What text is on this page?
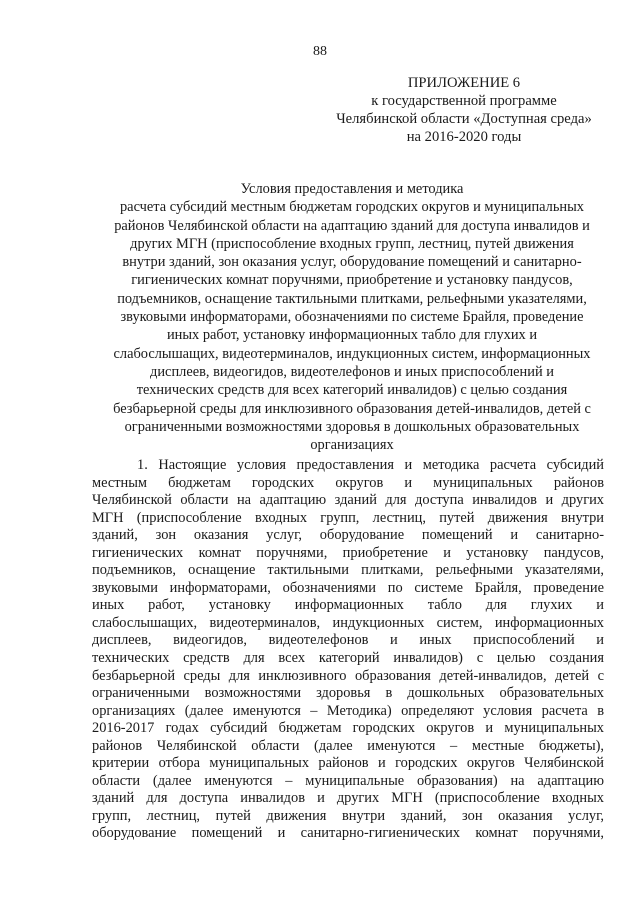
88
ПРИЛОЖЕНИЕ 6
к государственной программе
Челябинской области «Доступная среда»
на 2016-2020 годы
Условия предоставления и методика
расчета субсидий местным бюджетам городских округов и муниципальных
районов Челябинской области на адаптацию зданий для доступа инвалидов и
других МГН (приспособление входных групп, лестниц, путей движения
внутри зданий, зон оказания услуг, оборудование помещений и санитарно-
гигиенических комнат поручнями, приобретение и установку пандусов,
подъемников, оснащение тактильными плитками, рельефными указателями,
звуковыми информаторами, обозначениями по системе Брайля, проведение
иных работ, установку информационных табло для глухих и
слабослышащих, видеотерминалов, индукционных систем, информационных
дисплеев, видеогидов, видеотелефонов и иных приспособлений и
технических средств для всех категорий инвалидов) с целью создания
безбарьерной среды для инклюзивного образования детей-инвалидов, детей с
ограниченными возможностями здоровья в дошкольных образовательных
организациях
1. Настоящие условия предоставления и методика расчета субсидий
местным бюджетам городских округов и муниципальных районов
Челябинской области на адаптацию зданий для доступа инвалидов и других
МГН (приспособление входных групп, лестниц, путей движения внутри
зданий, зон оказания услуг, оборудование помещений и санитарно-
гигиенических комнат поручнями, приобретение и установку пандусов,
подъемников, оснащение тактильными плитками, рельефными указателями,
звуковыми информаторами, обозначениями по системе Брайля, проведение
иных работ, установку информационных табло для глухих и
слабослышащих, видеотерминалов, индукционных систем, информационных
дисплеев, видеогидов, видеотелефонов и иных приспособлений и
технических средств для всех категорий инвалидов) с целью создания
безбарьерной среды для инклюзивного образования детей-инвалидов, детей с
ограниченными возможностями здоровья в дошкольных образовательных
организациях (далее именуются – Методика) определяют условия расчета в
2016-2017 годах субсидий бюджетам городских округов и муниципальных
районов Челябинской области (далее именуются – местные бюджеты),
критерии отбора муниципальных районов и городских округов Челябинской
области (далее именуются – муниципальные образования) на адаптацию
зданий для доступа инвалидов и других МГН (приспособление входных
групп, лестниц, путей движения внутри зданий, зон оказания услуг,
оборудование помещений и санитарно-гигиенических комнат поручнями,
